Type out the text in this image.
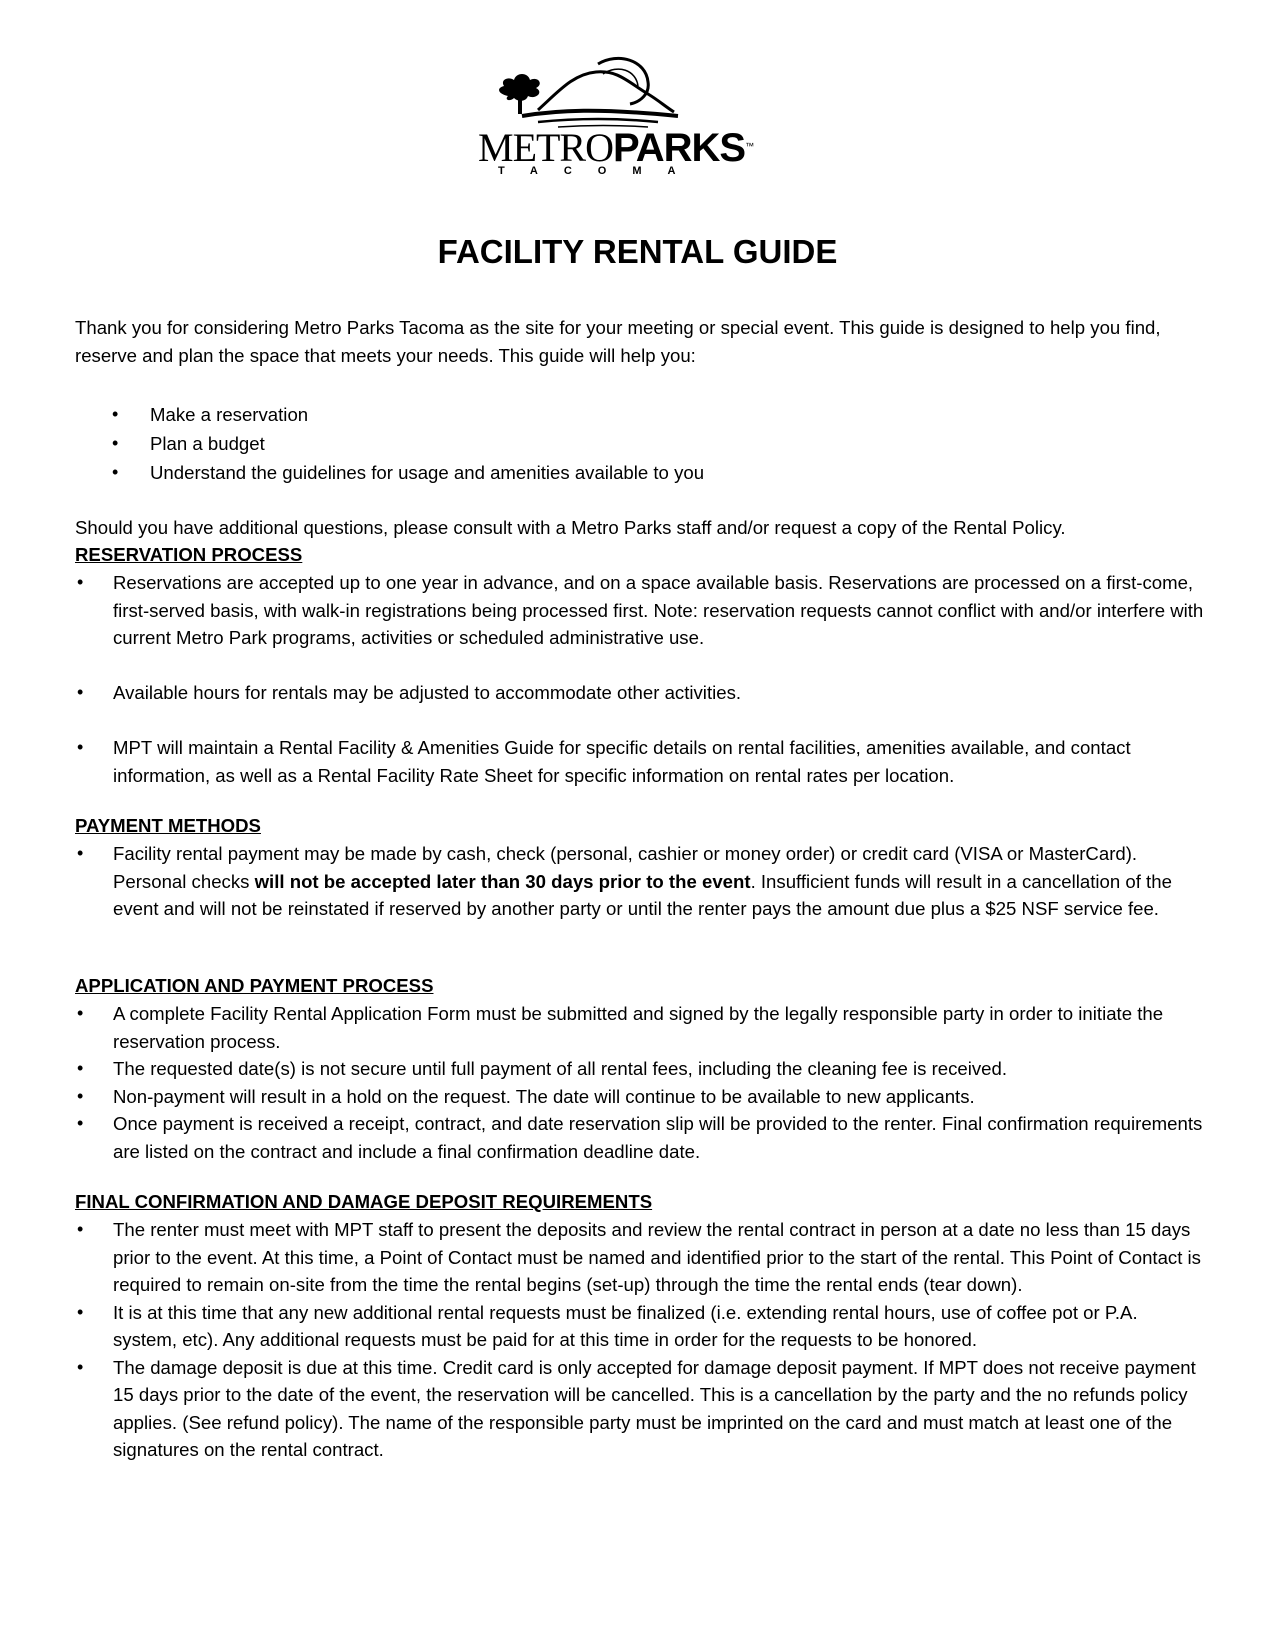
METROPARKS™
TACOMA
FACILITY RENTAL GUIDE
Thank you for considering Metro Parks Tacoma as the site for your meeting or special event. This guide is designed to help you find, reserve and plan the space that meets your needs. This guide will help you:
• Make a reservation
• Plan a budget
• Understand the guidelines for usage and amenities available to you
Should you have additional questions, please consult with a Metro Parks staff and/or request a copy of the Rental Policy.
RESERVATION PROCESS
• Reservations are accepted up to one year in advance, and on a space available basis. Reservations are processed on a first-come, first-served basis, with walk-in registrations being processed first. Note: reservation requests cannot conflict with and/or interfere with current Metro Park programs, activities or scheduled administrative use.
• Available hours for rentals may be adjusted to accommodate other activities.
• MPT will maintain a Rental Facility & Amenities Guide for specific details on rental facilities, amenities available, and contact information, as well as a Rental Facility Rate Sheet for specific information on rental rates per location.
PAYMENT METHODS
• Facility rental payment may be made by cash, check (personal, cashier or money order) or credit card (VISA or MasterCard). Personal checks will not be accepted later than 30 days prior to the event. Insufficient funds will result in a cancellation of the event and will not be reinstated if reserved by another party or until the renter pays the amount due plus a $25 NSF service fee.
APPLICATION AND PAYMENT PROCESS
• A complete Facility Rental Application Form must be submitted and signed by the legally responsible party in order to initiate the reservation process.
• The requested date(s) is not secure until full payment of all rental fees, including the cleaning fee is received.
• Non-payment will result in a hold on the request. The date will continue to be available to new applicants.
• Once payment is received a receipt, contract, and date reservation slip will be provided to the renter. Final confirmation requirements are listed on the contract and include a final confirmation deadline date.
FINAL CONFIRMATION AND DAMAGE DEPOSIT REQUIREMENTS
• The renter must meet with MPT staff to present the deposits and review the rental contract in person at a date no less than 15 days prior to the event. At this time, a Point of Contact must be named and identified prior to the start of the rental. This Point of Contact is required to remain on-site from the time the rental begins (set-up) through the time the rental ends (tear down).
• It is at this time that any new additional rental requests must be finalized (i.e. extending rental hours, use of coffee pot or P.A. system, etc). Any additional requests must be paid for at this time in order for the requests to be honored.
• The damage deposit is due at this time. Credit card is only accepted for damage deposit payment. If MPT does not receive payment 15 days prior to the date of the event, the reservation will be cancelled. This is a cancellation by the party and the no refunds policy applies. (See refund policy). The name of the responsible party must be imprinted on the card and must match at least one of the signatures on the rental contract.
